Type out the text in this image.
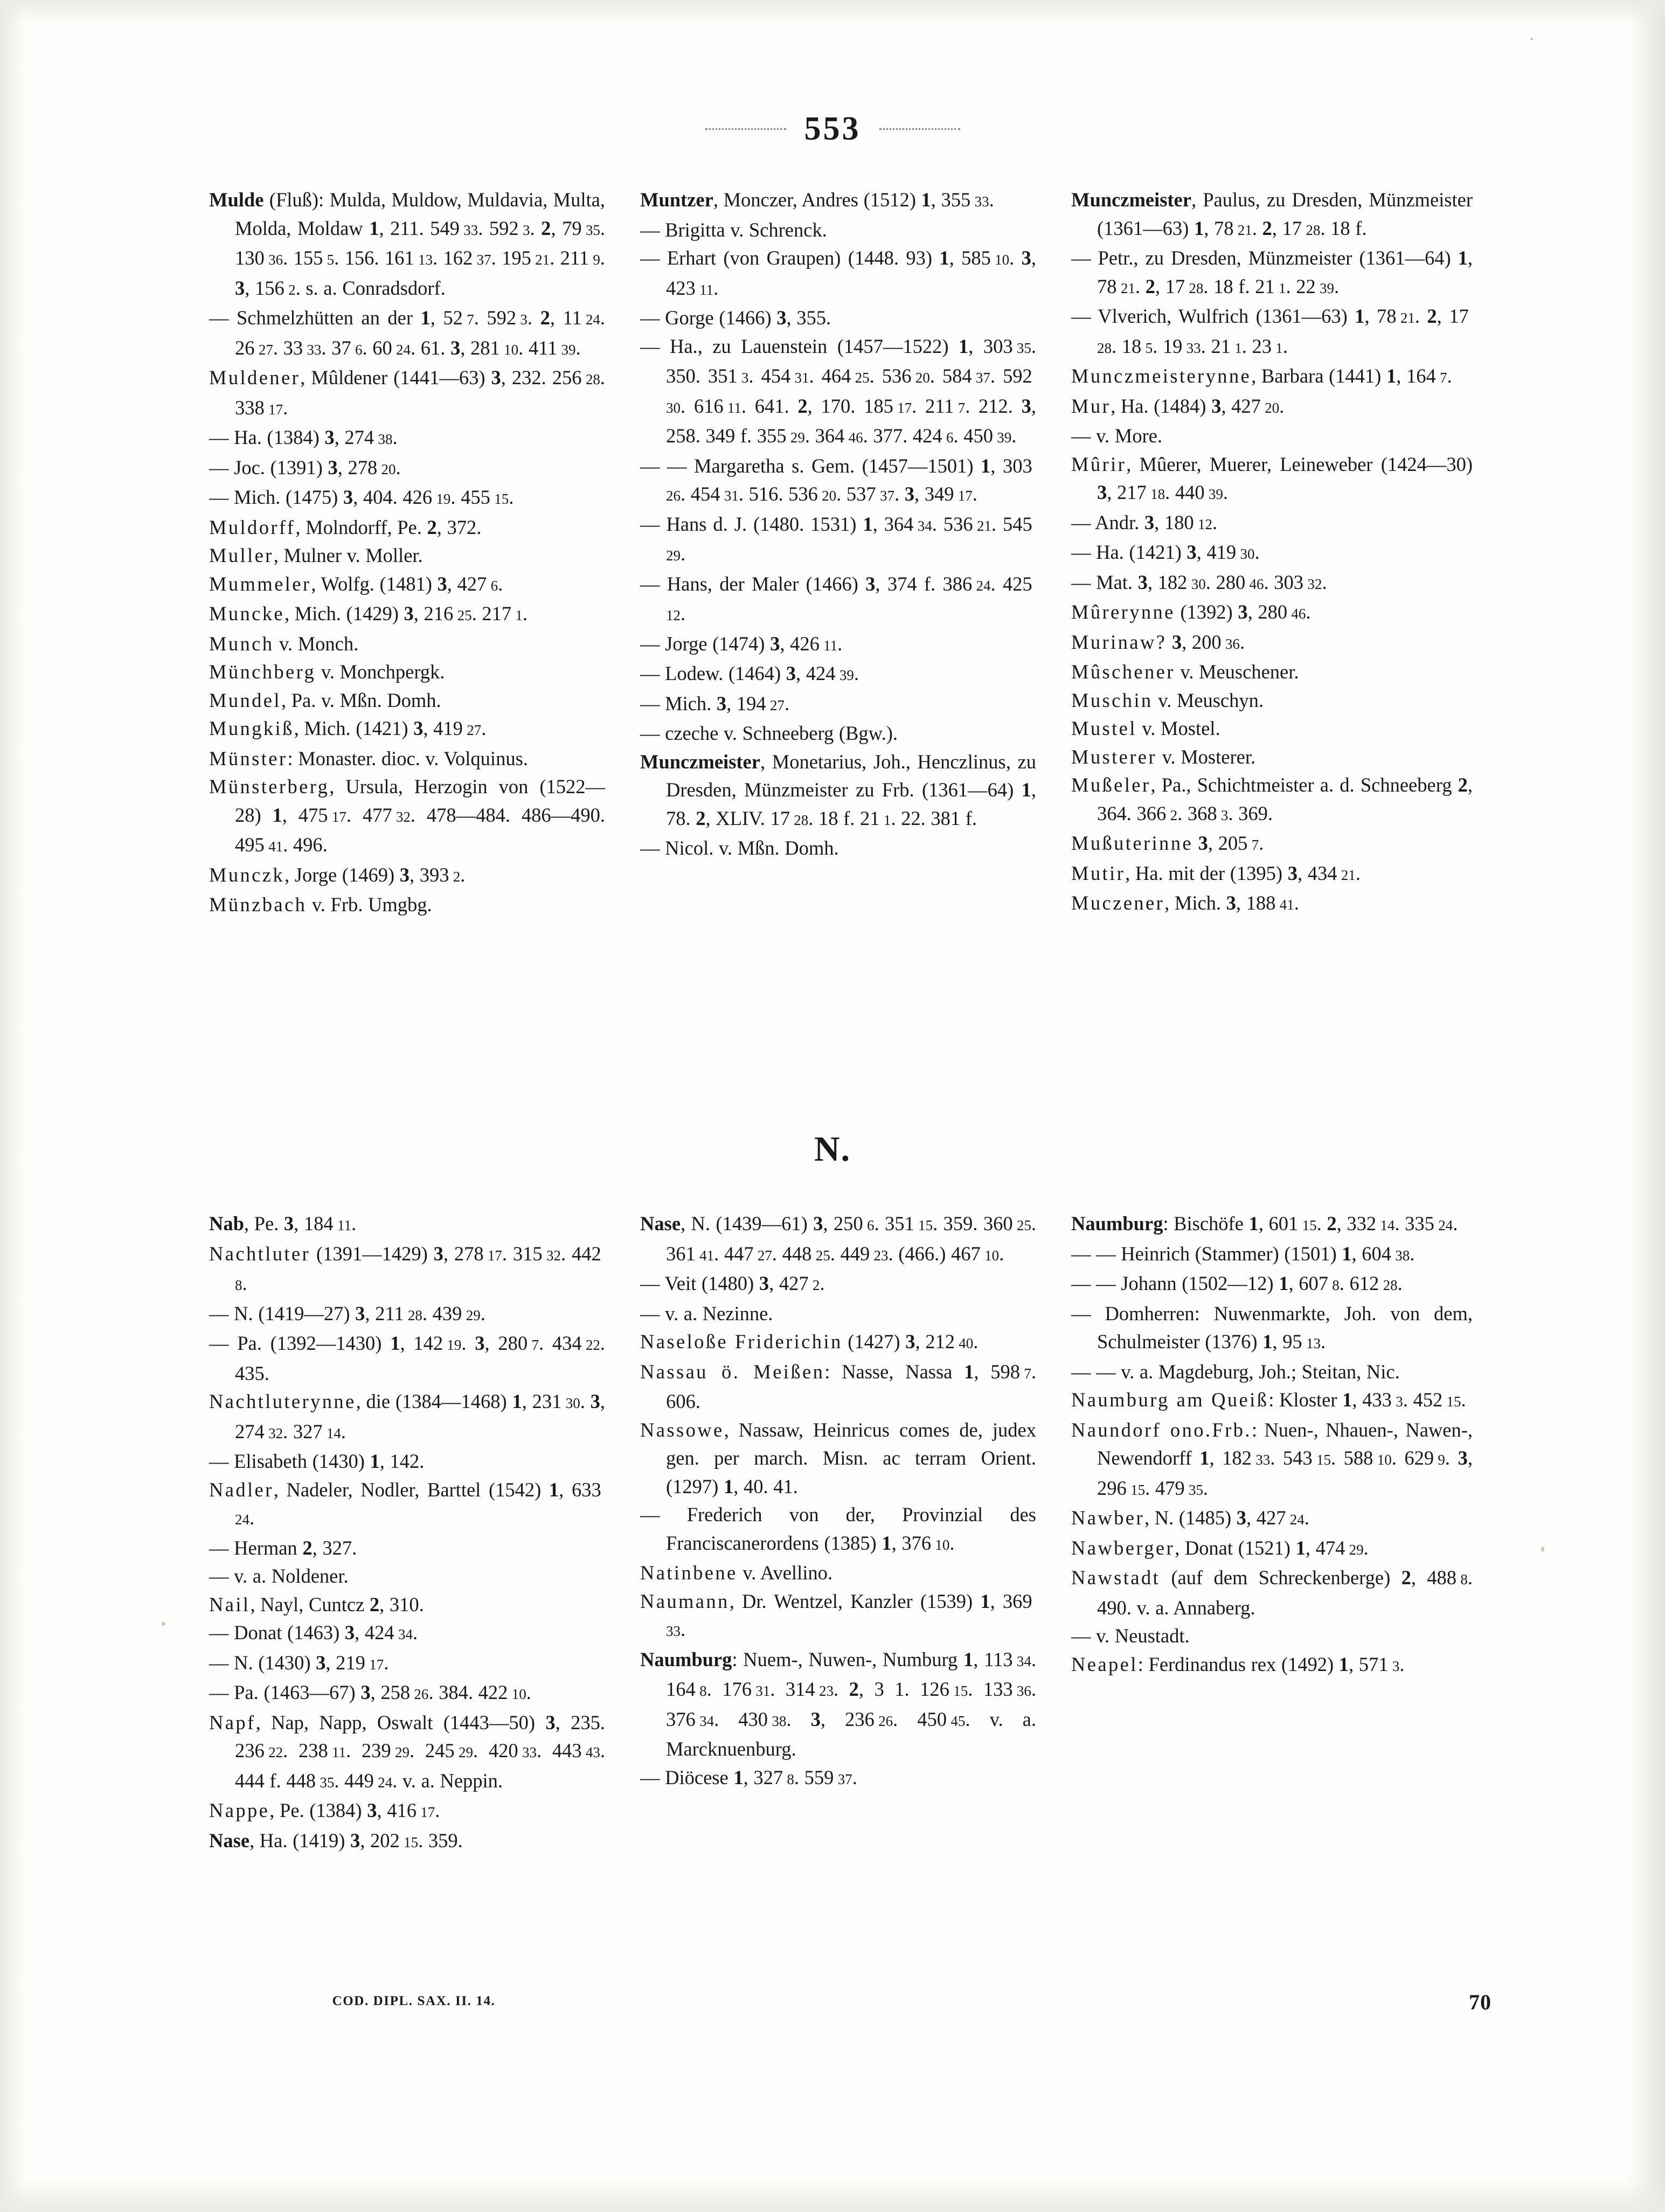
553

Mulde (Fluß): Mulda, Muldow, Muldavia, Multa, Molda, Moldaw 1, 211. 549 33. 592 3. 2, 79 35. 130 36. 155 5. 156. 161 13. 162 37. 195 21. 211 9. 3, 156 2. s. a. Conradsdorf.

— Schmelzhütten an der 1, 52 7. 592 3. 2, 11 24. 26 27. 33 33. 37 6. 60 24. 61. 3, 281 10. 411 39.

Muldener, Mûldener (1441—63) 3, 232. 256 28. 338 17.

— Ha. (1384) 3, 274 38.

— Joc. (1391) 3, 278 20.

— Mich. (1475) 3, 404. 426 19. 455 15.

Muldorff, Molndorff, Pe. 2, 372.

Muller, Mulner v. Moller.

Mummeler, Wolfg. (1481) 3, 427 6.

Muncke, Mich. (1429) 3, 216 25. 217 1.

Munch v. Monch.

Münchberg v. Monchpergk.

Mundel, Pa. v. Mßn. Domh.

Mungkiß, Mich. (1421) 3, 419 27.

Münster: Monaster. dioc. v. Volquinus.

Münsterberg, Ursula, Herzogin von (1522—28) 1, 475 17. 477 32. 478—484. 486—490. 495 41. 496.

Munczk, Jorge (1469) 3, 393 2.

Münzbach v. Frb. Umgbg.

Muntzer, Monczer, Andres (1512) 1, 355 33.

— Brigitta v. Schrenck.

— Erhart (von Graupen) (1448. 93) 1, 585 10. 3, 423 11.

— Gorge (1466) 3, 355.

— Ha., zu Lauenstein (1457—1522) 1, 303 35. 350. 351 3. 454 31. 464 25. 536 20. 584 37. 592 30. 616 11. 641. 2, 170. 185 17. 211 7. 212. 3, 258. 349 f. 355 29. 364 46. 377. 424 6. 450 39.

— — Margaretha s. Gem. (1457—1501) 1, 303 26. 454 31. 516. 536 20. 537 37. 3, 349 17.

— Hans d. J. (1480. 1531) 1, 364 34. 536 21. 545 29.

— Hans, der Maler (1466) 3, 374 f. 386 24. 425 12.

— Jorge (1474) 3, 426 11.

— Lodew. (1464) 3, 424 39.

— Mich. 3, 194 27.

— czeche v. Schneeberg (Bgw.).

Munczmeister, Monetarius, Joh., Henczlinus, zu Dresden, Münzmeister zu Frb. (1361—64) 1, 78. 2, XLIV. 17 28. 18 f. 21 1. 22. 381 f.

— Nicol. v. Mßn. Domh.

Munczmeister, Paulus, zu Dresden, Münzmeister (1361—63) 1, 78 21. 2, 17 28. 18 f.

— Petr., zu Dresden, Münzmeister (1361—64) 1, 78 21. 2, 17 28. 18 f. 21 1. 22 39.

— Vlverich, Wulfrich (1361—63) 1, 78 21. 2, 17 28. 18 5. 19 33. 21 1. 23 1.

Munczmeisterynne, Barbara (1441) 1, 164 7.

Mur, Ha. (1484) 3, 427 20.

— v. More.

Mûrir, Mûerer, Muerer, Leineweber (1424—30) 3, 217 18. 440 39.

— Andr. 3, 180 12.

— Ha. (1421) 3, 419 30.

— Mat. 3, 182 30. 280 46. 303 32.

Mûrerynne (1392) 3, 280 46.

Murinaw? 3, 200 36.

Mûschener v. Meuschener.

Muschin v. Meuschyn.

Mustel v. Mostel.

Musterer v. Mosterer.

Mußeler, Pa., Schichtmeister a. d. Schneeberg 2, 364. 366 2. 368 3. 369.

Mußuterinne 3, 205 7.

Mutir, Ha. mit der (1395) 3, 434 21.

Muczener, Mich. 3, 188 41.

N.

Nab, Pe. 3, 184 11.

Nachtluter (1391—1429) 3, 278 17. 315 32. 442 8.

— N. (1419—27) 3, 211 28. 439 29.

— Pa. (1392—1430) 1, 142 19. 3, 280 7. 434 22. 435.

Nachtluterynne, die (1384—1468) 1, 231 30. 3, 274 32. 327 14.

— Elisabeth (1430) 1, 142.

Nadler, Nadeler, Nodler, Barttel (1542) 1, 633 24.

— Herman 2, 327.

— v. a. Noldener.

Nail, Nayl, Cuntcz 2, 310.

— Donat (1463) 3, 424 34.

— N. (1430) 3, 219 17.

— Pa. (1463—67) 3, 258 26. 384. 422 10.

Napf, Nap, Napp, Oswalt (1443—50) 3, 235. 236 22. 238 11. 239 29. 245 29. 420 33. 443 43. 444 f. 448 35. 449 24. v. a. Neppin.

Nappe, Pe. (1384) 3, 416 17.

Nase, Ha. (1419) 3, 202 15. 359.

Nase, N. (1439—61) 3, 250 6. 351 15. 359. 360 25. 361 41. 447 27. 448 25. 449 23. (466.) 467 10.

— Veit (1480) 3, 427 2.

— v. a. Nezinne.

Naseloße Friderichin (1427) 3, 212 40.

Nassau ö. Meißen: Nasse, Nassa 1, 598 7. 606.

Nassowe, Nassaw, Heinricus comes de, judex gen. per march. Misn. ac terram Orient. (1297) 1, 40. 41.

— Frederich von der, Provinzial des Franciscanerordens (1385) 1, 376 10.

Natinbene v. Avellino.

Naumann, Dr. Wentzel, Kanzler (1539) 1, 369 33.

Naumburg: Nuem-, Nuwen-, Numburg 1, 113 34. 164 8. 176 31. 314 23. 2, 3 1. 126 15. 133 36. 376 34. 430 38. 3, 236 26. 450 45. v. a. Marcknuenburg.

— Diöcese 1, 327 8. 559 37.

Naumburg: Bischöfe 1, 601 15. 2, 332 14. 335 24.

— — Heinrich (Stammer) (1501) 1, 604 38.

— — Johann (1502—12) 1, 607 8. 612 28.

— Domherren: Nuwenmarkte, Joh. von dem, Schulmeister (1376) 1, 95 13.

— — v. a. Magdeburg, Joh.; Steitan, Nic.

Naumburg am Queiß: Kloster 1, 433 3. 452 15.

Naundorf ono.Frb.: Nuen-, Nhauen-, Nawen-, Newendorff 1, 182 33. 543 15. 588 10. 629 9. 3, 296 15. 479 35.

Nawber, N. (1485) 3, 427 24.

Nawberger, Donat (1521) 1, 474 29.

Nawstadt (auf dem Schreckenberge) 2, 488 8. 490. v. a. Annaberg.

— v. Neustadt.

Neapel: Ferdinandus rex (1492) 1, 571 3.

COD. DIPL. SAX. II. 14.	70
